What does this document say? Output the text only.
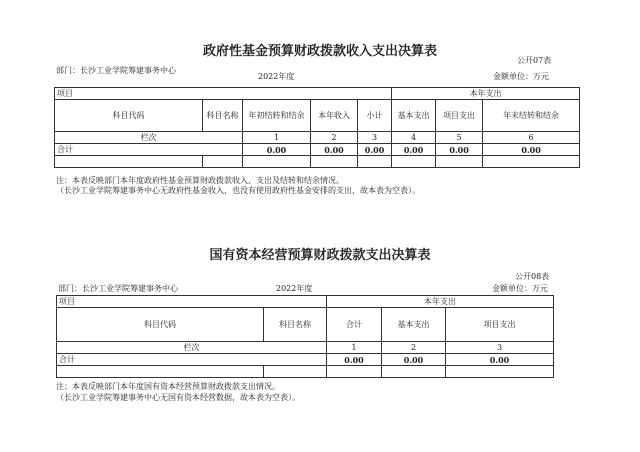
政府性基金预算财政拨款收入支出决算表
公开07表
部门：长沙工业学院筹建事务中心
2022年度	金额单位：万元
项目					本年支出		
科目代码	科目名称	年初结转和结余	本年收入	小计	基本支出	项目支出	年末结转和结余

栏次		1	2	3	4	5	6
合计		0.00	0.00	0.00	0.00	0.00	0.00

注：本表反映部门本年度政府性基金预算财政拨款收入、支出及结转和结余情况。
（长沙工业学院筹建事务中心无政府性基金收入，也没有使用政府性基金安排的支出，故本表为空表）。
国有资本经营预算财政拨款支出决算表
公开08表
部门：长沙工业学院筹建事务中心	2022年度	金额单位：万元
项目		本年支出		
科目代码	科目名称	合计	基本支出	项目支出
栏次		1	2	3
合计		0.00	0.00	0.00

注：本表反映部门本年度国有资本经营预算财政拨款支出情况。
（长沙工业学院筹建事务中心无国有资本经营数据，故本表为空表）。
